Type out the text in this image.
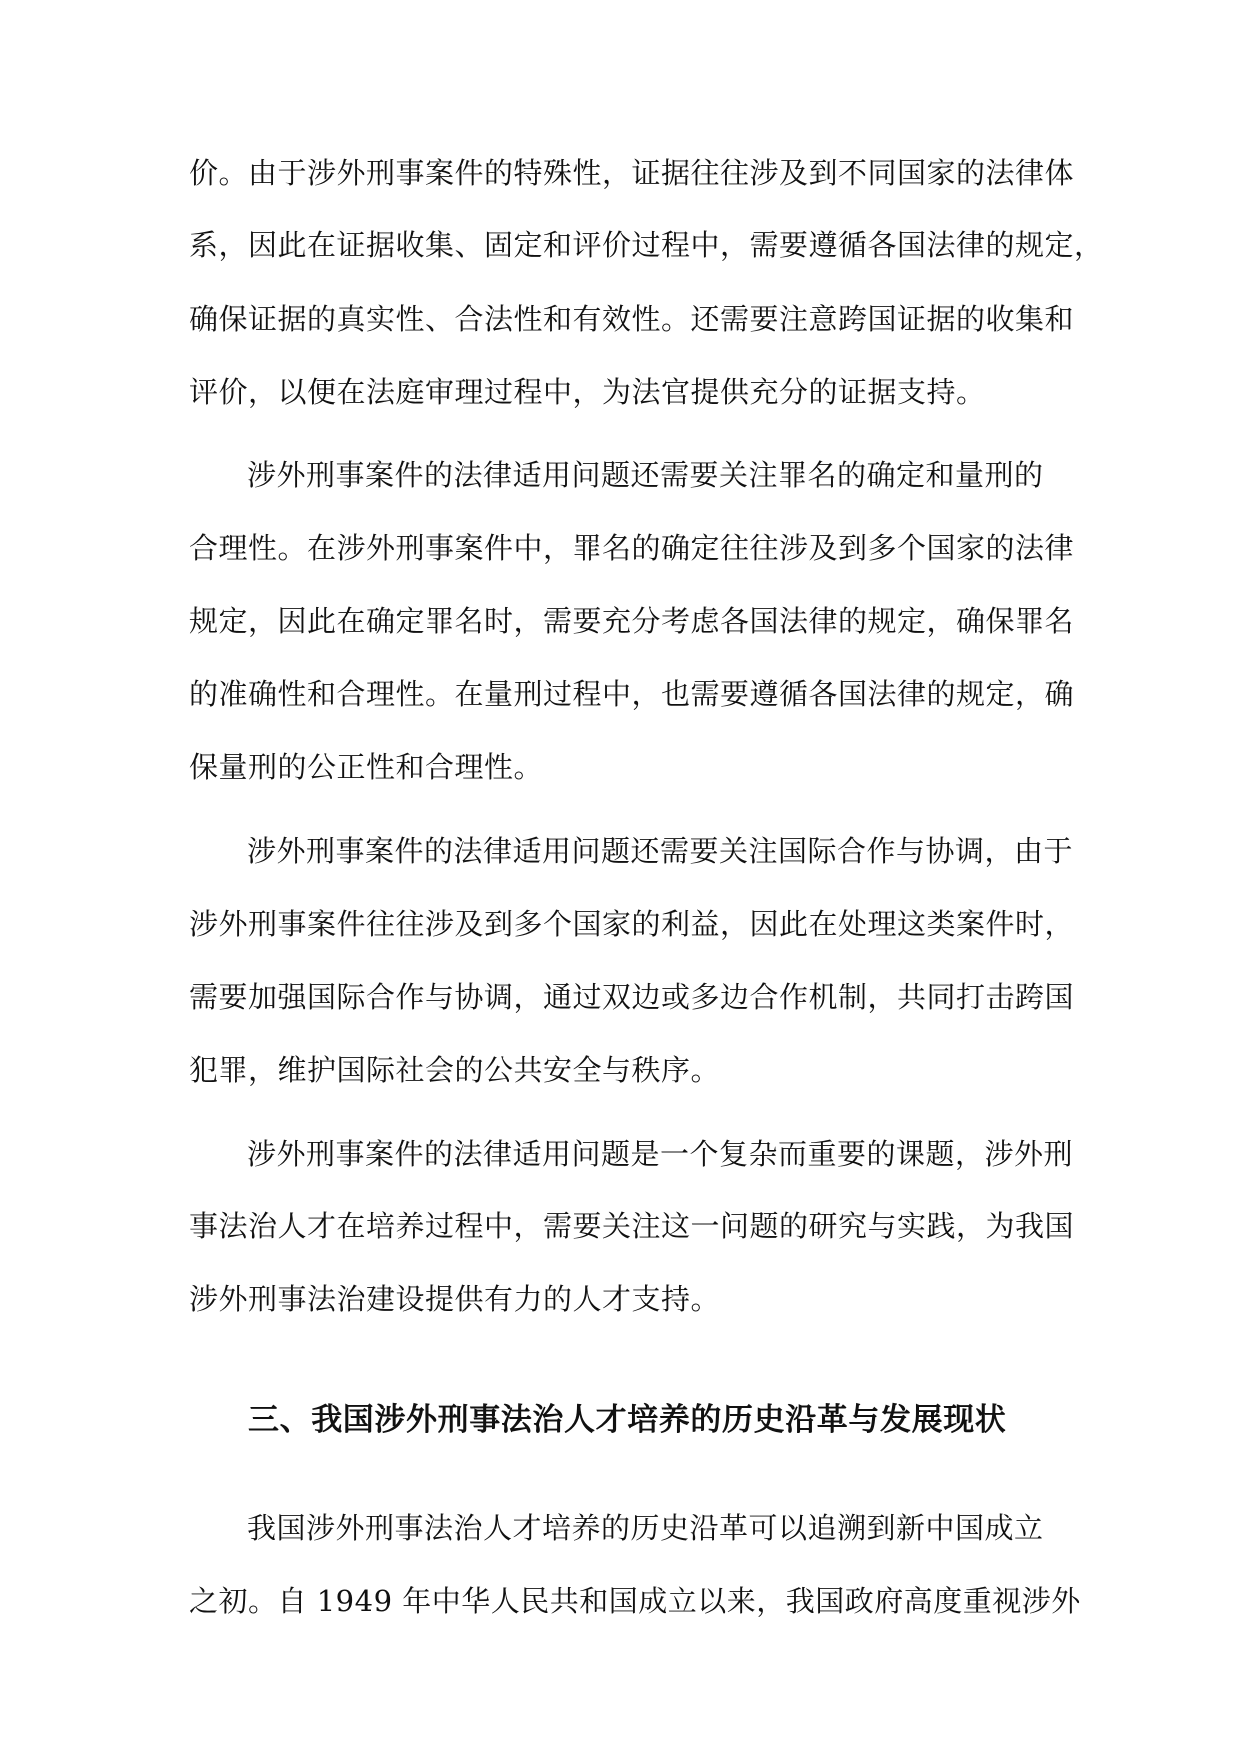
价。由于涉外刑事案件的特殊性，证据往往涉及到不同国家的法律体
系，因此在证据收集、固定和评价过程中，需要遵循各国法律的规定，
确保证据的真实性、合法性和有效性。还需要注意跨国证据的收集和
评价，以便在法庭审理过程中，为法官提供充分的证据支持。
涉外刑事案件的法律适用问题还需要关注罪名的确定和量刑的
合理性。在涉外刑事案件中，罪名的确定往往涉及到多个国家的法律
规定，因此在确定罪名时，需要充分考虑各国法律的规定，确保罪名
的准确性和合理性。在量刑过程中，也需要遵循各国法律的规定，确
保量刑的公正性和合理性。
涉外刑事案件的法律适用问题还需要关注国际合作与协调，由于
涉外刑事案件往往涉及到多个国家的利益，因此在处理这类案件时，
需要加强国际合作与协调，通过双边或多边合作机制，共同打击跨国
犯罪，维护国际社会的公共安全与秩序。
涉外刑事案件的法律适用问题是一个复杂而重要的课题，涉外刑
事法治人才在培养过程中，需要关注这一问题的研究与实践，为我国
涉外刑事法治建设提供有力的人才支持。
我国涉外刑事法治人才培养的历史沿革可以追溯到新中国成立
之初。自 1949 年中华人民共和国成立以来，我国政府高度重视涉外
三、我国涉外刑事法治人才培养的历史沿革与发展现状
